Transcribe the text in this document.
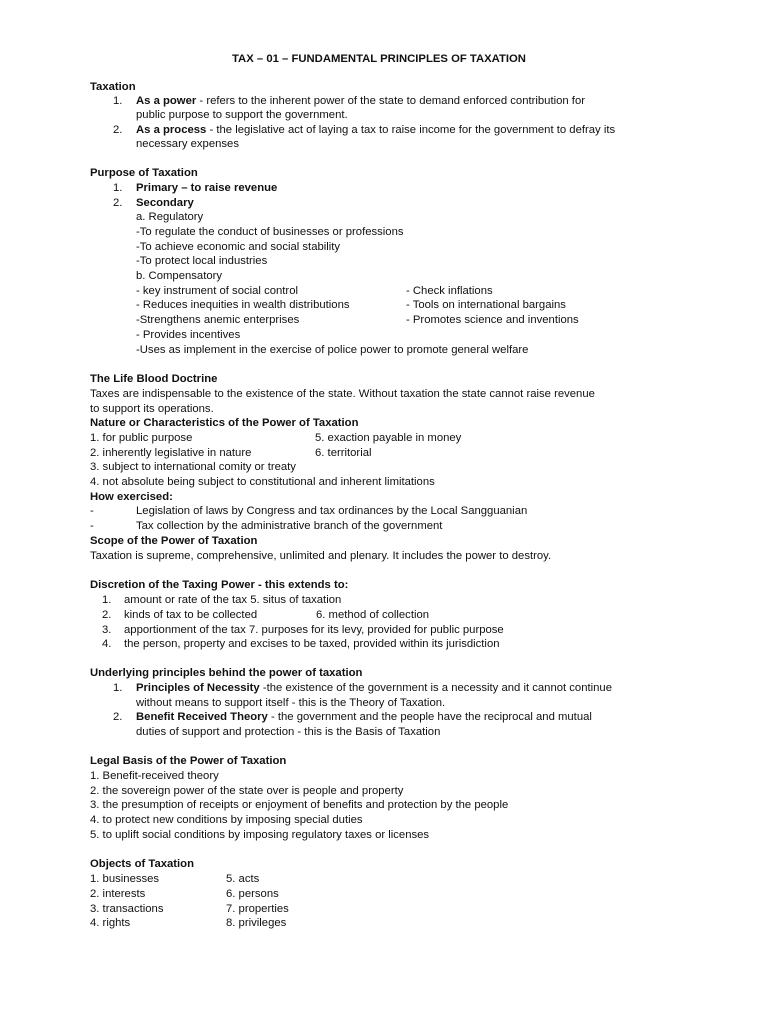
TAX – 01 – FUNDAMENTAL PRINCIPLES OF TAXATION
Taxation
1. As a power - refers to the inherent power of the state to demand enforced contribution for
public purpose to support the government.
2. As a process - the legislative act of laying a tax to raise income for the government to defray its
necessary expenses
Purpose of Taxation
1. Primary – to raise revenue
2. Secondary
a. Regulatory
-To regulate the conduct of businesses or professions
-To achieve economic and social stability
-To protect local industries
b. Compensatory
- key instrument of social control	- Check inflations
- Reduces inequities in wealth distributions	- Tools on international bargains
-Strengthens anemic enterprises	- Promotes science and inventions
- Provides incentives
-Uses as implement in the exercise of police power to promote general welfare
The Life Blood Doctrine
Taxes are indispensable to the existence of the state. Without taxation the state cannot raise revenue
to support its operations.
Nature or Characteristics of the Power of Taxation
1. for public purpose	5. exaction payable in money
2. inherently legislative in nature	6. territorial
3. subject to international comity or treaty
4. not absolute being subject to constitutional and inherent limitations
How exercised:
-	Legislation of laws by Congress and tax ordinances by the Local Sangguanian
-	Tax collection by the administrative branch of the government
Scope of the Power of Taxation
Taxation is supreme, comprehensive, unlimited and plenary. It includes the power to destroy.
Discretion of the Taxing Power - this extends to:
1. amount or rate of the tax 5. situs of taxation
2. kinds of tax to be collected	6. method of collection
3. apportionment of the tax 7. purposes for its levy, provided for public purpose
4. the person, property and excises to be taxed, provided within its jurisdiction
Underlying principles behind the power of taxation
1. Principles of Necessity -the existence of the government is a necessity and it cannot continue
without means to support itself - this is the Theory of Taxation.
2. Benefit Received Theory - the government and the people have the reciprocal and mutual
duties of support and protection - this is the Basis of Taxation
Legal Basis of the Power of Taxation
1. Benefit-received theory
2. the sovereign power of the state over is people and property
3. the presumption of receipts or enjoyment of benefits and protection by the people
4. to protect new conditions by imposing special duties
5. to uplift social conditions by imposing regulatory taxes or licenses
Objects of Taxation
1. businesses	5. acts
2. interests	6. persons
3. transactions	7. properties
4. rights	8. privileges
